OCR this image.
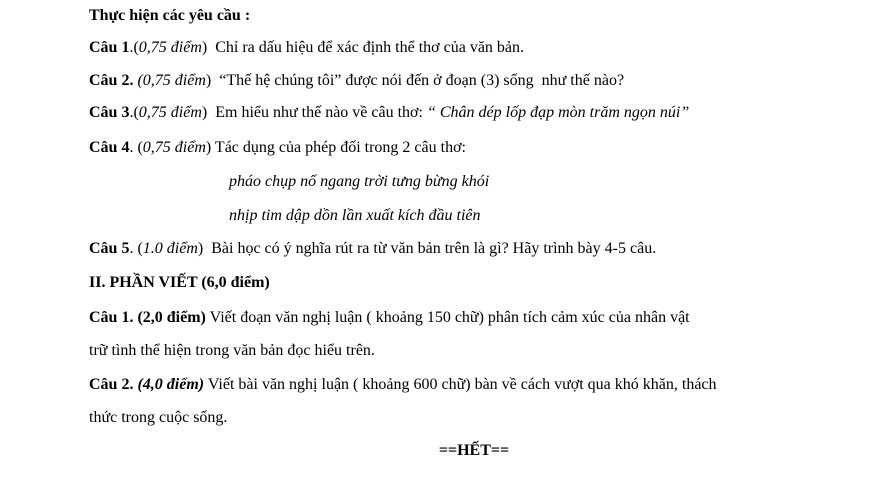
Thực hiện các yêu cầu :
Câu 1.(0,75 điểm)  Chỉ ra dấu hiệu để xác định thể thơ của văn bản.
Câu 2. (0,75 điểm)  “Thế hệ chúng tôi” được nói đến ở đoạn (3) sống  như thế nào?
Câu 3.(0,75 điểm)  Em hiểu như thế nào về câu thơ: “ Chân dép lốp đạp mòn trăm ngọn núi”
Câu 4. (0,75 điểm) Tác dụng của phép đối trong 2 câu thơ:
pháo chụp nổ ngang trời tưng bừng khói
nhịp tim dập dồn lần xuất kích đầu tiên
Câu 5. (1.0 điểm)  Bài học có ý nghĩa rút ra từ văn bản trên là gì? Hãy trình bày 4-5 câu.
II. PHẦN VIẾT (6,0 điểm)
Câu 1. (2,0 điểm) Viết đoạn văn nghị luận ( khoảng 150 chữ) phân tích cảm xúc của nhân vật
trữ tình thể hiện trong văn bản đọc hiểu trên.
Câu 2. (4,0 điểm) Viết bài văn nghị luận ( khoảng 600 chữ) bàn về cách vượt qua khó khăn, thách
thức trong cuộc sống.
==HẾT==
